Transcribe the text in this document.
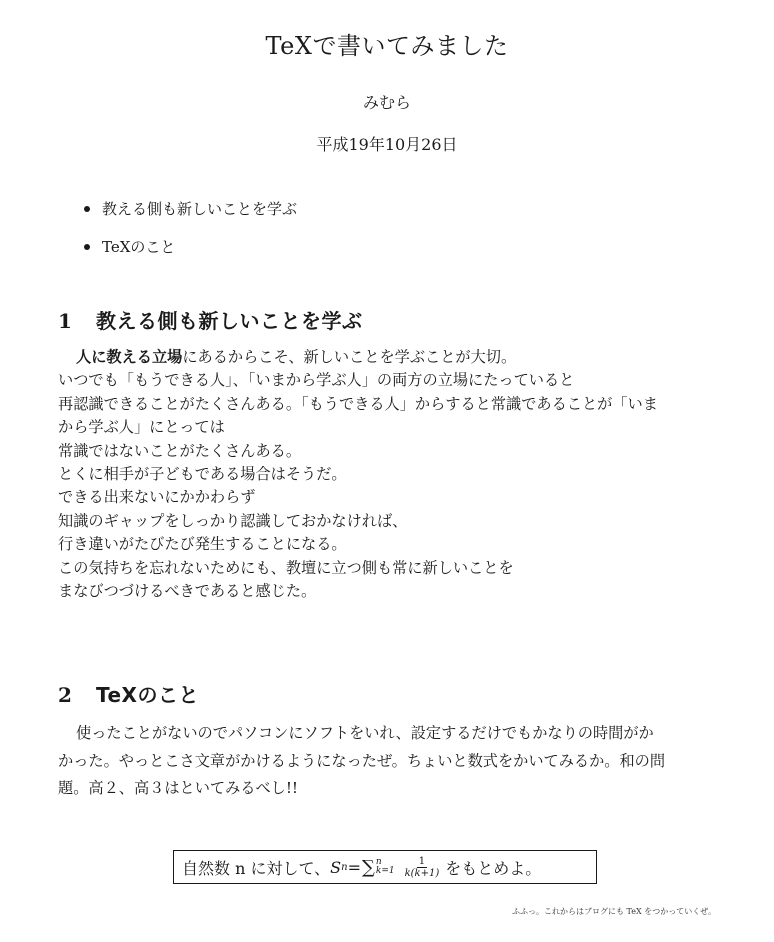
TeXで書いてみました
みむら
平成19年10月26日
教える側も新しいことを学ぶ
TeXのこと
1 教える側も新しいことを学ぶ
人に教える立場にあるからこそ、新しいことを学ぶことが大切。
いつでも「もうできる人」、「いまから学ぶ人」の両方の立場にたっていると
再認識できることがたくさんある。「もうできる人」からすると常識であることが「いま
から学ぶ人」にとっては
常識ではないことがたくさんある。
とくに相手が子どもである場合はそうだ。
できる出来ないにかかわらず
知識のギャップをしっかり認識しておかなければ、
行き違いがたびたび発生することになる。
この気持ちを忘れないためにも、教壇に立つ側も常に新しいことを
まなびつづけるべきであると感じた。
2 TeXのこと
使ったことがないのでパソコンにソフトをいれ、設定するだけでもかなりの時間がか
かった。やっとこさ文章がかけるようになったぜ。ちょいと数式をかいてみるか。和の問
題。高２、高３はといてみるべし!!
自然数 n に対して、 S n = ∑ n
$k=1 \frac{1}{k(k+1)}$ をもとめよ。
ふふっ。これからはブログにも TeX をつかっていくぜ。
